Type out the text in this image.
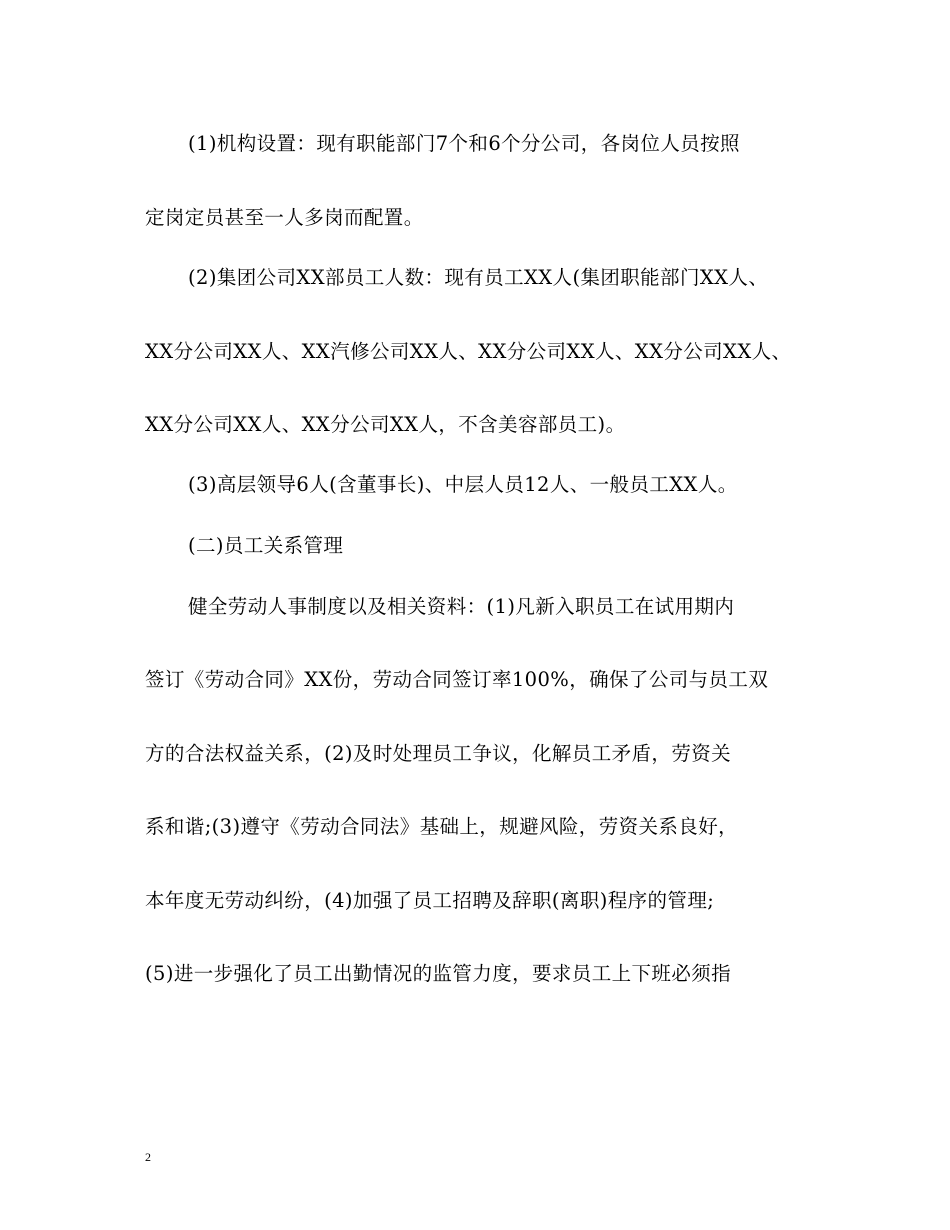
(1)机构设置：现有职能部门7个和6个分公司，各岗位人员按照
定岗定员甚至一人多岗而配置。
(2)集团公司XX部员工人数：现有员工XX人(集团职能部门XX人、
XX分公司XX人、XX汽修公司XX人、XX分公司XX人、XX分公司XX人、
XX分公司XX人、XX分公司XX人，不含美容部员工)。
(3)高层领导6人(含董事长)、中层人员12人、一般员工XX人。
(二)员工关系管理
健全劳动人事制度以及相关资料：(1)凡新入职员工在试用期内
签订《劳动合同》XX份，劳动合同签订率100%，确保了公司与员工双
方的合法权益关系，(2)及时处理员工争议，化解员工矛盾，劳资关
系和谐;(3)遵守《劳动合同法》基础上，规避风险，劳资关系良好，
本年度无劳动纠纷，(4)加强了员工招聘及辞职(离职)程序的管理;
(5)进一步强化了员工出勤情况的监管力度，要求员工上下班必须指
2
